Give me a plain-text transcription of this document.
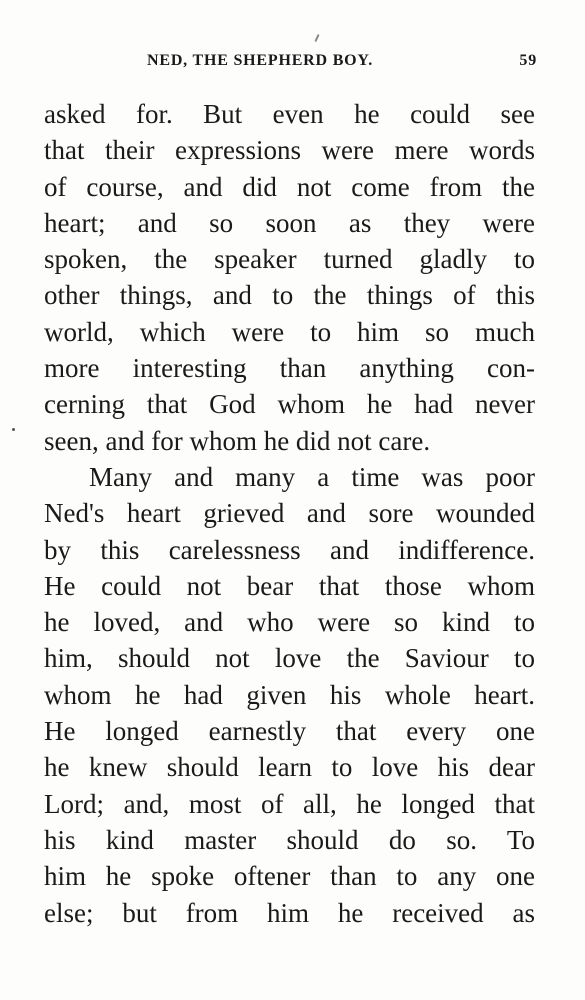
NED, THE SHEPHERD BOY.	59
asked for. But even he could see
that their expressions were mere words
of course, and did not come from the
heart; and so soon as they were
spoken, the speaker turned gladly to
other things, and to the things of this
world, which were to him so much
more interesting than anything con-
cerning that God whom he had never
seen, and for whom he did not care.
Many and many a time was poor
Ned's heart grieved and sore wounded
by this carelessness and indifference.
He could not bear that those whom
he loved, and who were so kind to
him, should not love the Saviour to
whom he had given his whole heart.
He longed earnestly that every one
he knew should learn to love his dear
Lord; and, most of all, he longed that
his kind master should do so. To
him he spoke oftener than to any one
else; but from him he received as
